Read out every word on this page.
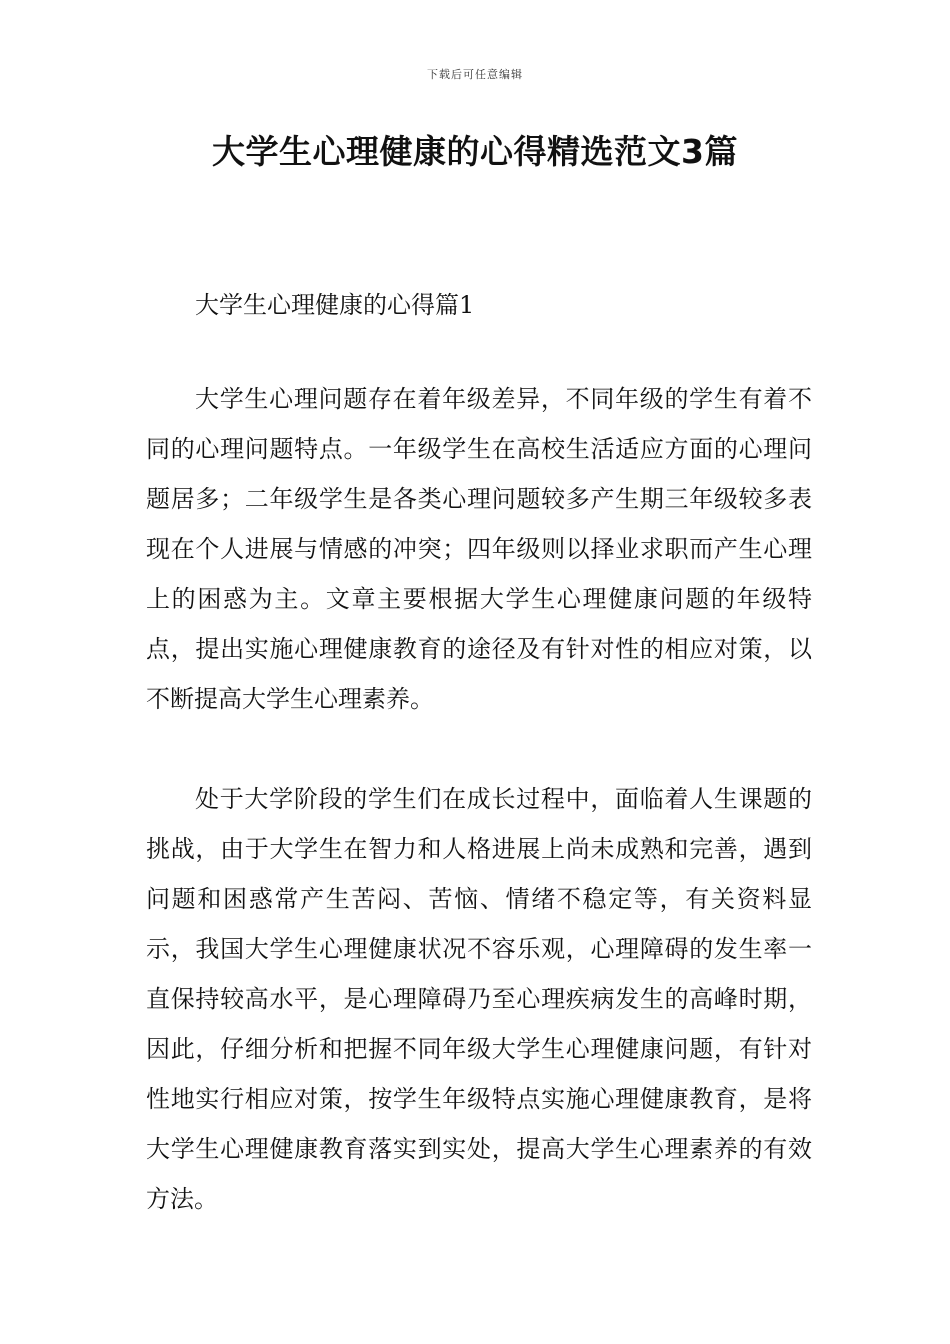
下载后可任意编辑
大学生心理健康的心得精选范文3篇
大学生心理健康的心得篇1

大学生心理问题存在着年级差异，不同年级的学生有着不同的心理问题特点。一年级学生在高校生活适应方面的心理问题居多；二年级学生是各类心理问题较多产生期三年级较多表现在个人进展与情感的冲突；四年级则以择业求职而产生心理上的困惑为主。文章主要根据大学生心理健康问题的年级特点，提出实施心理健康教育的途径及有针对性的相应对策，以不断提高大学生心理素养。

处于大学阶段的学生们在成长过程中，面临着人生课题的挑战，由于大学生在智力和人格进展上尚未成熟和完善，遇到问题和困惑常产生苦闷、苦恼、情绪不稳定等，有关资料显示，我国大学生心理健康状况不容乐观，心理障碍的发生率一直保持较高水平，是心理障碍乃至心理疾病发生的高峰时期，因此，仔细分析和把握不同年级大学生心理健康问题，有针对性地实行相应对策，按学生年级特点实施心理健康教育，是将大学生心理健康教育落实到实处，提高大学生心理素养的有效方法。
